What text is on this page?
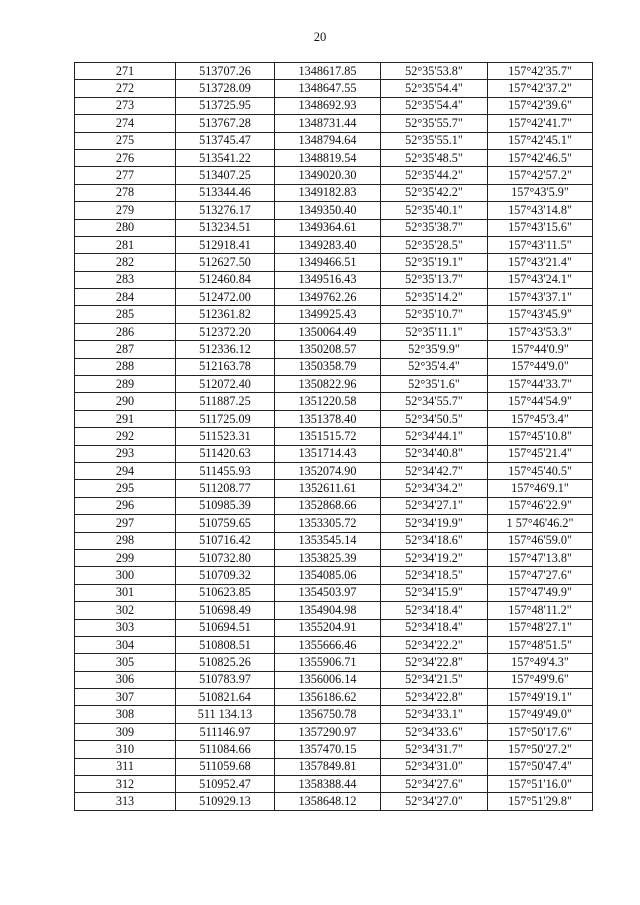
20
271	513707.26	1348617.85	52°35'53.8"	157°42'35.7"
272	513728.09	1348647.55	52°35'54.4"	157°42'37.2"
273	513725.95	1348692.93	52°35'54.4"	157°42'39.6"
274	513767.28	1348731.44	52°35'55.7"	157°42'41.7"
275	513745.47	1348794.64	52°35'55.1"	157°42'45.1"
276	513541.22	1348819.54	52°35'48.5"	157°42'46.5"
277	513407.25	1349020.30	52°35'44.2"	157°42'57.2"
278	513344.46	1349182.83	52°35'42.2"	157°43'5.9"
279	513276.17	1349350.40	52°35'40.1"	157°43'14.8"
280	513234.51	1349364.61	52°35'38.7"	157°43'15.6"
281	512918.41	1349283.40	52°35'28.5"	157°43'11.5"
282	512627.50	1349466.51	52°35'19.1"	157°43'21.4"
283	512460.84	1349516.43	52°35'13.7"	157°43'24.1"
284	512472.00	1349762.26	52°35'14.2"	157°43'37.1"
285	512361.82	1349925.43	52°35'10.7"	157°43'45.9"
286	512372.20	1350064.49	52°35'11.1"	157°43'53.3"
287	512336.12	1350208.57	52°35'9.9"	157°44'0.9"
288	512163.78	1350358.79	52°35'4.4"	157°44'9.0"
289	512072.40	1350822.96	52°35'1.6"	157°44'33.7"
290	511887.25	1351220.58	52°34'55.7"	157°44'54.9"
291	511725.09	1351378.40	52°34'50.5"	157°45'3.4"
292	511523.31	1351515.72	52°34'44.1"	157°45'10.8"
293	511420.63	1351714.43	52°34'40.8"	157°45'21.4"
294	511455.93	1352074.90	52°34'42.7"	157°45'40.5"
295	511208.77	1352611.61	52°34'34.2"	157°46'9.1"
296	510985.39	1352868.66	52°34'27.1"	157°46'22.9"
297	510759.65	1353305.72	52°34'19.9"	1 57°46'46.2"
298	510716.42	1353545.14	52°34'18.6"	157°46'59.0"
299	510732.80	1353825.39	52°34'19.2"	157°47'13.8"
300	510709.32	1354085.06	52°34'18.5"	157°47'27.6"
301	510623.85	1354503.97	52°34'15.9"	157°47'49.9"
302	510698.49	1354904.98	52°34'18.4"	157°48'11.2"
303	510694.51	1355204.91	52°34'18.4"	157°48'27.1"
304	510808.51	1355666.46	52°34'22.2"	157°48'51.5"
305	510825.26	1355906.71	52°34'22.8"	157°49'4.3"
306	510783.97	1356006.14	52°34'21.5"	157°49'9.6"
307	510821.64	1356186.62	52°34'22.8"	157°49'19.1"
308	511 134.13	1356750.78	52°34'33.1"	157°49'49.0"
309	511146.97	1357290.97	52°34'33.6"	157°50'17.6"
310	511084.66	1357470.15	52°34'31.7"	157°50'27.2"
311	511059.68	1357849.81	52°34'31.0"	157°50'47.4"
312	510952.47	1358388.44	52°34'27.6"	157°51'16.0"
313	510929.13	1358648.12	52°34'27.0"	157°51'29.8"
